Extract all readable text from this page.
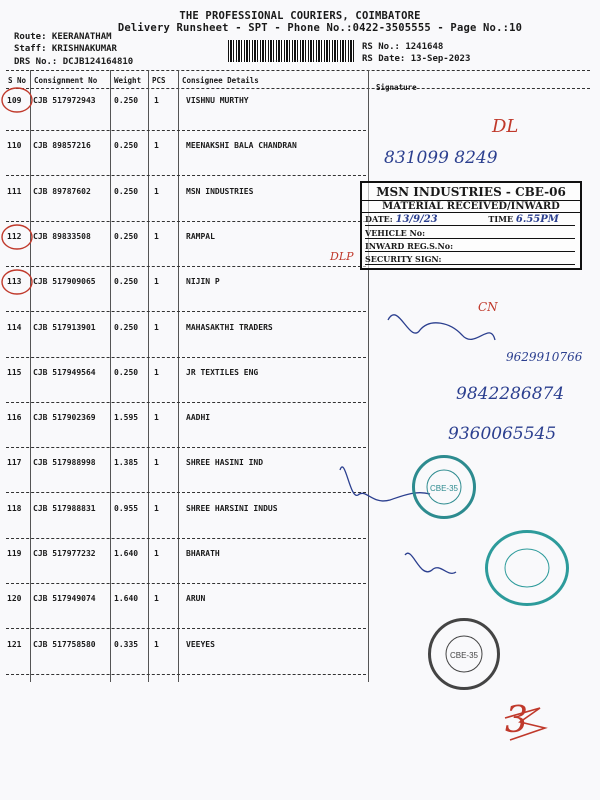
THE PROFESSIONAL COURIERS, COIMBATORE
Delivery Runsheet - SPT - Phone No.:0422-3505555 - Page No.:10
Route: KEERANATHAM
Staff: KRISHNAKUMAR
DRS No.: DCJB124164810
RS No.: 1241648
RS Date: 13-Sep-2023
S No Consignment No Weight PCS Consignee Details
Signature
109 CJB 517972943 0.250 1	VISHNU MURTHY
110 CJB 89857216	0.250 1	MEENAKSHI BALA CHANDRAN
111 CJB 89787602	0.250 1	MSN INDUSTRIES
112 CJB 89833508	0.250 1	RAMPAL
113 CJB 517909065 0.250 1	NIJIN P
114 CJB 517913901 0.250 1	MAHASAKTHI TRADERS
115 CJB 517949564 0.250 1	JR TEXTILES ENG
116 CJB 517902369 1.595 1	AADHI
117 CJB 517988998 1.385 1	SHREE HASINI IND
118 CJB 517988831 0.955 1	SHREE HARSINI INDUS
119 CJB 517977232 1.640 1	BHARATH
120 CJB 517949074 1.640 1	ARUN
121 CJB 517758580 0.335 1	VEEYES
MSN INDUSTRIES - CBE-06
MATERIAL RECEIVED/INWARD
DATE: 13/9/23	TIME 6.55PM
VEHICLE No:
INWARD REG.S.No:
SECURITY SIGN:
DL
831099 8249
DLP
CN
9629910766
9842286874
9360065545
3
CBE-35
CBE-35
